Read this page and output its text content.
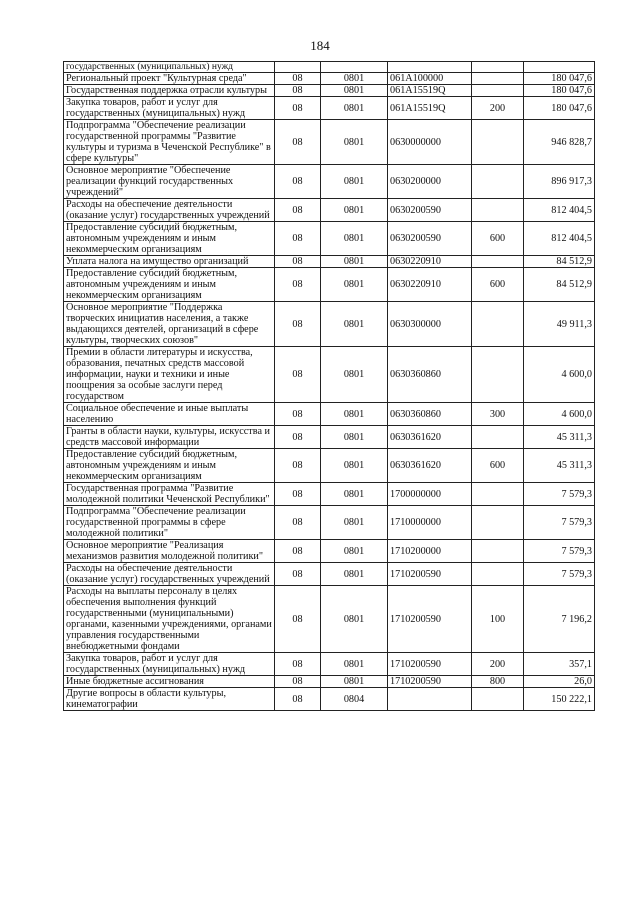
184
государственных (муниципальных) нужд					
Региональный проект "Культурная среда"	08	0801	061A100000		180 047,6
Государственная поддержка отрасли культуры	08	0801	061A15519Q		180 047,6
Закупка товаров, работ и услуг для государственных (муниципальных) нужд	08	0801	061A15519Q	200	180 047,6
Подпрограмма "Обеспечение реализации государственной программы "Развитие культуры и туризма в Чеченской Республике" в сфере культуры"	08	0801	0630000000		946 828,7
Основное мероприятие "Обеспечение реализации функций государственных учреждений"	08	0801	0630200000		896 917,3
Расходы на обеспечение деятельности (оказание услуг) государственных учреждений	08	0801	0630200590		812 404,5
Предоставление субсидий бюджетным, автономным учреждениям и иным некоммерческим организациям	08	0801	0630200590	600	812 404,5
Уплата налога на имущество организаций	08	0801	0630220910		84 512,9
Предоставление субсидий бюджетным, автономным учреждениям и иным некоммерческим организациям	08	0801	0630220910	600	84 512,9
Основное мероприятие "Поддержка творческих инициатив населения, а также выдающихся деятелей, организаций в сфере культуры, творческих союзов"	08	0801	0630300000		49 911,3
Премии в области литературы и искусства, образования, печатных средств массовой информации, науки и техники и иные поощрения за особые заслуги перед государством	08	0801	0630360860		4 600,0
Социальное обеспечение и иные выплаты населению	08	0801	0630360860	300	4 600,0
Гранты в области науки, культуры, искусства и средств массовой информации	08	0801	0630361620		45 311,3
Предоставление субсидий бюджетным, автономным учреждениям и иным некоммерческим организациям	08	0801	0630361620	600	45 311,3
Государственная программа "Развитие молодежной политики Чеченской Республики"	08	0801	1700000000		7 579,3
Подпрограмма "Обеспечение реализации государственной программы в сфере молодежной политики"	08	0801	1710000000		7 579,3
Основное мероприятие "Реализация механизмов развития молодежной политики"	08	0801	1710200000		7 579,3
Расходы на обеспечение деятельности (оказание услуг) государственных учреждений	08	0801	1710200590		7 579,3
Расходы на выплаты персоналу в целях обеспечения выполнения функций государственными (муниципальными) органами, казенными учреждениями, органами управления государственными внебюджетными фондами	08	0801	1710200590	100	7 196,2
Закупка товаров, работ и услуг для государственных (муниципальных) нужд	08	0801	1710200590	200	357,1
Иные бюджетные ассигнования	08	0801	1710200590	800	26,0
Другие вопросы в области культуры, кинематографии	08	0804			150 222,1
